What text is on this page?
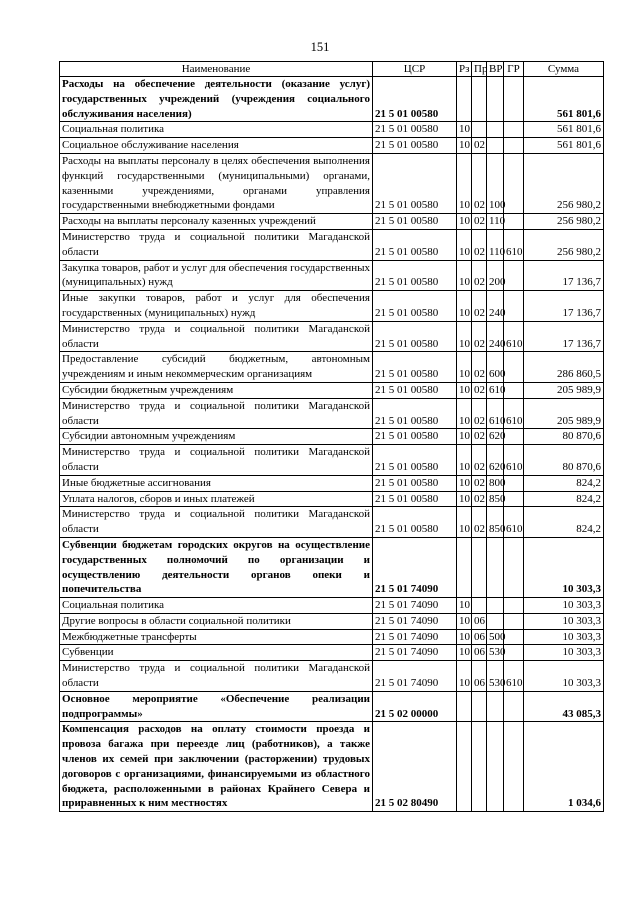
151
Наименование	ЦСР	Рз	Пр	ВР	ГР	Сумма
Расходы на обеспечение деятельности (оказание услуг) государственных учреждений (учреждения социального обслуживания населения)	21 5 01 00580					561 801,6
Социальная политика	21 5 01 00580	10				561 801,6
Социальное обслуживание населения	21 5 01 00580	10	02			561 801,6
Расходы на выплаты персоналу в целях обеспечения выполнения функций государственными (муниципальными) органами, казенными учреждениями, органами управления государственными внебюджетными фондами	21 5 01 00580	10	02	100		256 980,2
Расходы на выплаты персоналу казенных учреждений	21 5 01 00580	10	02	110		256 980,2
Министерство труда и социальной политики Магаданской области	21 5 01 00580	10	02	110	610	256 980,2
Закупка товаров, работ и услуг для обеспечения государственных (муниципальных) нужд	21 5 01 00580	10	02	200		17 136,7
Иные закупки товаров, работ и услуг для обеспечения государственных (муниципальных) нужд	21 5 01 00580	10	02	240		17 136,7
Министерство труда и социальной политики Магаданской области	21 5 01 00580	10	02	240	610	17 136,7
Предоставление субсидий бюджетным, автономным учреждениям и иным некоммерческим организациям	21 5 01 00580	10	02	600		286 860,5
Субсидии бюджетным учреждениям	21 5 01 00580	10	02	610		205 989,9
Министерство труда и социальной политики Магаданской области	21 5 01 00580	10	02	610	610	205 989,9
Субсидии автономным учреждениям	21 5 01 00580	10	02	620		80 870,6
Министерство труда и социальной политики Магаданской области	21 5 01 00580	10	02	620	610	80 870,6
Иные бюджетные ассигнования	21 5 01 00580	10	02	800		824,2
Уплата налогов, сборов и иных платежей	21 5 01 00580	10	02	850		824,2
Министерство труда и социальной политики Магаданской области	21 5 01 00580	10	02	850	610	824,2
Субвенции бюджетам городских округов на осуществление государственных полномочий по организации и осуществлению деятельности органов опеки и попечительства	21 5 01 74090					10 303,3
Социальная политика	21 5 01 74090	10				10 303,3
Другие вопросы в области социальной политики	21 5 01 74090	10	06			10 303,3
Межбюджетные трансферты	21 5 01 74090	10	06	500		10 303,3
Субвенции	21 5 01 74090	10	06	530		10 303,3
Министерство труда и социальной политики Магаданской области	21 5 01 74090	10	06	530	610	10 303,3
Основное мероприятие «Обеспечение реализации подпрограммы»	21 5 02 00000					43 085,3
Компенсация расходов на оплату стоимости проезда и провоза багажа при переезде лиц (работников), а также членов их семей при заключении (расторжении) трудовых договоров с организациями, финансируемыми из областного бюджета, расположенными в районах Крайнего Севера и приравненных к ним местностях	21 5 02 80490					1 034,6
